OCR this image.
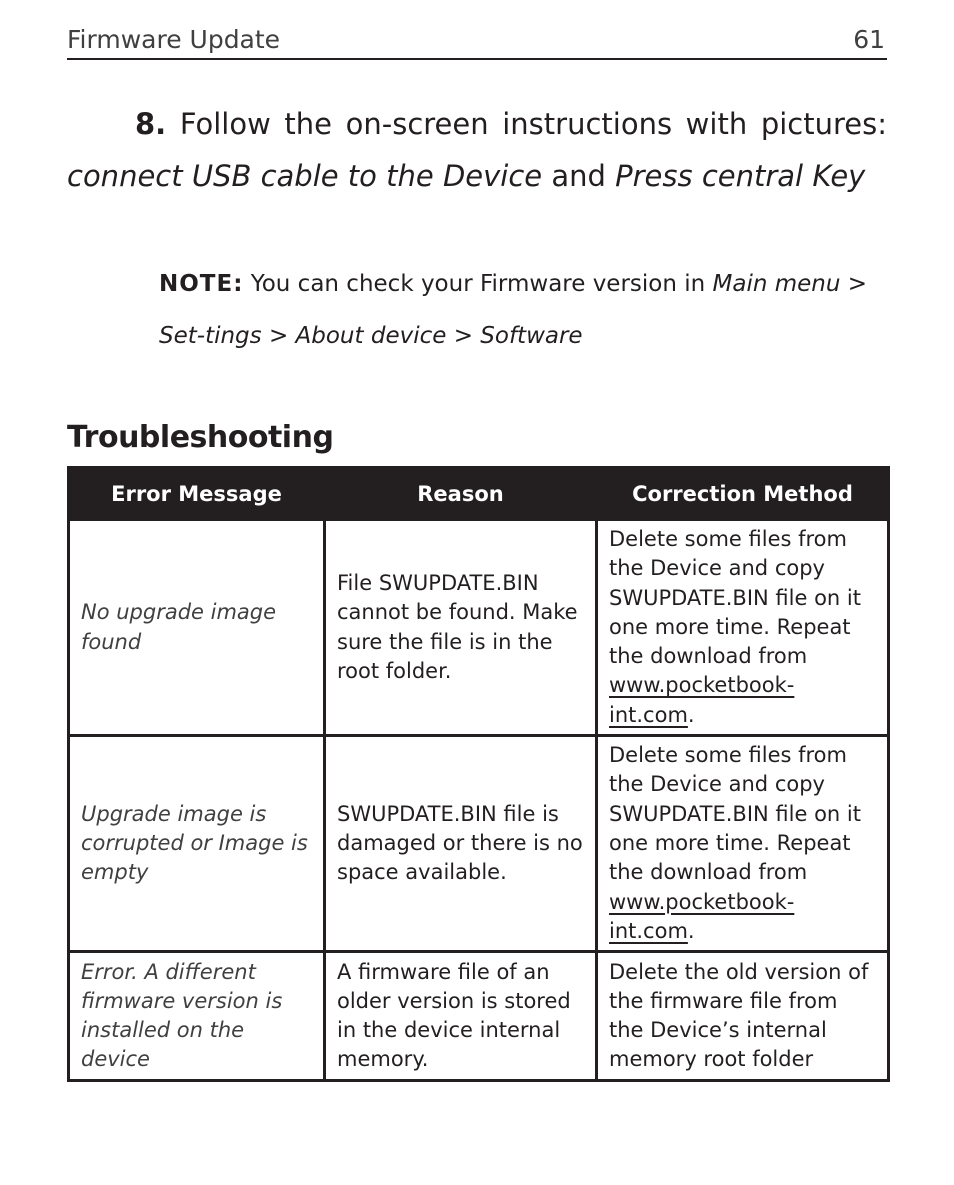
Firmware Update	61

8. Follow the on-screen instructions with pictures: connect USB cable to the Device and Press central Key

NOTE: You can check your Firmware version in Main menu > Set-tings > About device > Software

Troubleshooting
Error Message	Reason	Correction Method
No upgrade image found	File SWUPDATE.BIN cannot be found. Make sure the file is in the root folder.	Delete some files from the Device and copy SWUPDATE.BIN file on it one more time. Repeat the download from www.pocketbook-int.com.
Upgrade image is corrupted or Image is empty	SWUPDATE.BIN file is damaged or there is no space available.	Delete some files from the Device and copy SWUPDATE.BIN file on it one more time. Repeat the download from www.pocketbook-int.com.
Error. A different firmware version is installed on the device	A firmware file of an older version is stored in the device internal memory.	Delete the old version of the firmware file from the Device’s internal memory root folder
